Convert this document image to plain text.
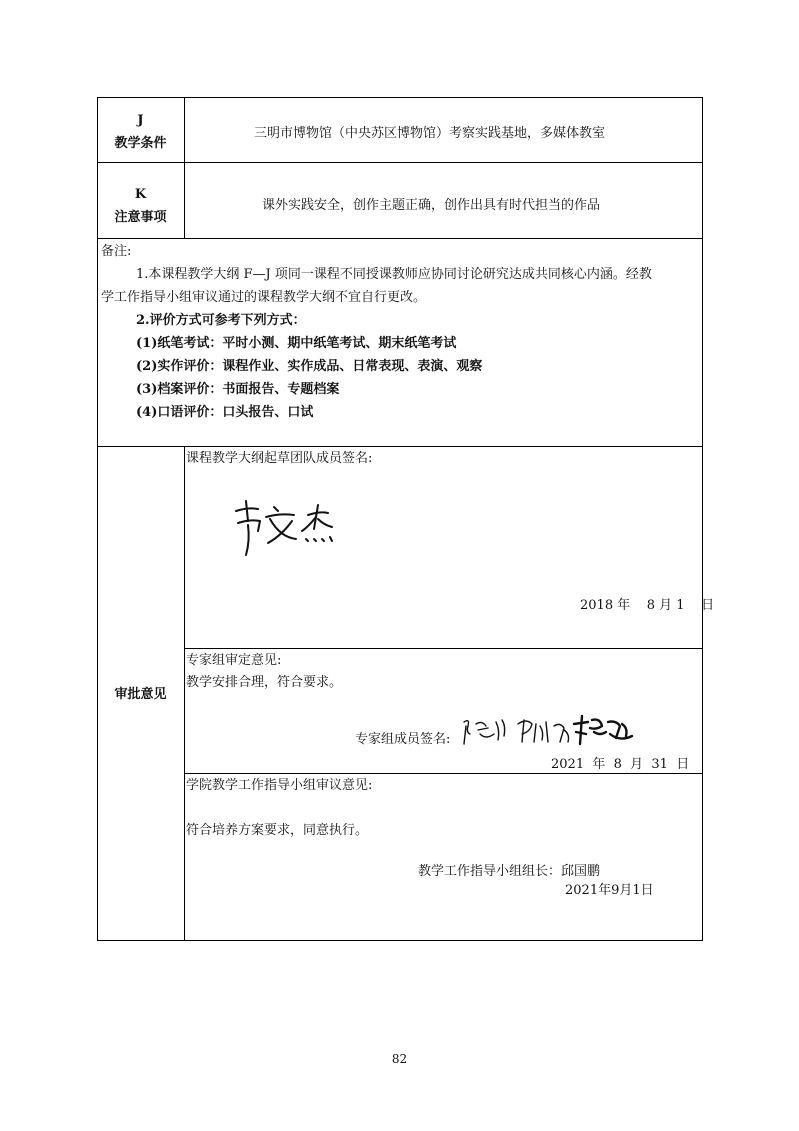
J
教学条件
三明市博物馆（中央苏区博物馆）考察实践基地，多媒体教室
K
注意事项
课外实践安全，创作主题正确，创作出具有时代担当的作品
备注:
1.本课程教学大纲 F—J 项同一课程不同授课教师应协同讨论研究达成共同核心内涵。经教
学工作指导小组审议通过的课程教学大纲不宜自行更改。
2.评价方式可参考下列方式：
(1)纸笔考试：平时小测、期中纸笔考试、期末纸笔考试
(2)实作评价：课程作业、实作成品、日常表现、表演、观察
(3)档案评价：书面报告、专题档案
(4)口语评价：口头报告、口试
审批意见
课程教学大纲起草团队成员签名:
2018 年    8 月 1    日
专家组审定意见:
教学安排合理，符合要求。
专家组成员签名:
2021  年  8  月  31  日
学院教学工作指导小组审议意见:
符合培养方案要求，同意执行。
教学工作指导小组组长：邱国鹏
2021年9月1日
82
